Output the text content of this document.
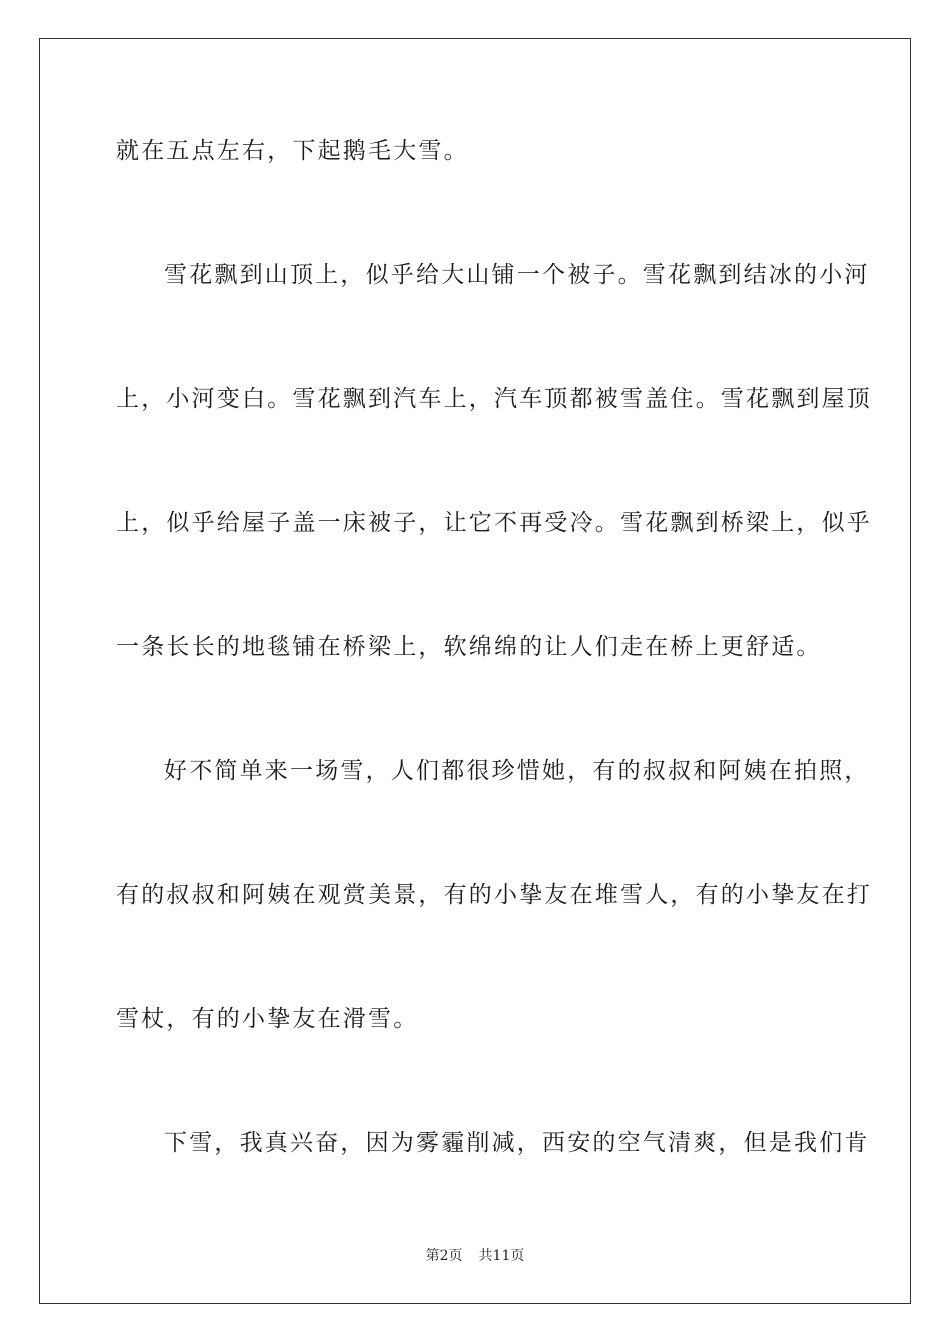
就在五点左右，下起鹅毛大雪。
雪花飘到山顶上，似乎给大山铺一个被子。雪花飘到结冰的小河
上，小河变白。雪花飘到汽车上，汽车顶都被雪盖住。雪花飘到屋顶
上，似乎给屋子盖一床被子，让它不再受冷。雪花飘到桥梁上，似乎
一条长长的地毯铺在桥梁上，软绵绵的让人们走在桥上更舒适。
好不简单来一场雪，人们都很珍惜她，有的叔叔和阿姨在拍照，
有的叔叔和阿姨在观赏美景，有的小挚友在堆雪人，有的小挚友在打
雪杖，有的小挚友在滑雪。
下雪，我真兴奋，因为雾霾削减，西安的空气清爽，但是我们肯
第2页 共11页
